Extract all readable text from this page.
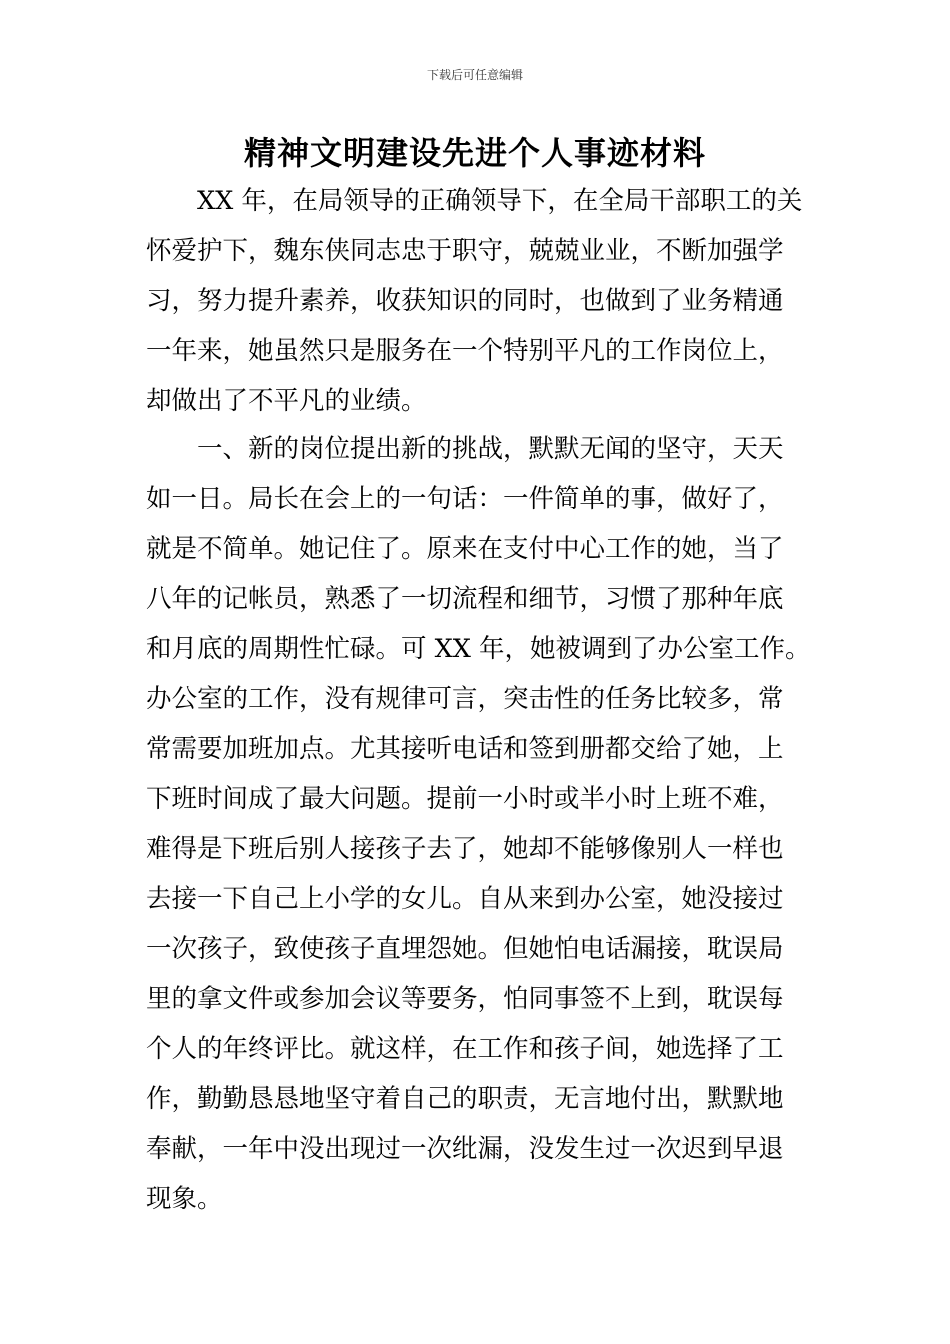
下载后可任意编辑
精神文明建设先进个人事迹材料

　　XX 年，在局领导的正确领导下，在全局干部职工的关
怀爱护下，魏东侠同志忠于职守，兢兢业业，不断加强学
习，努力提升素养，收获知识的同时，也做到了业务精通
一年来，她虽然只是服务在一个特别平凡的工作岗位上，
却做出了不平凡的业绩。

　　一、新的岗位提出新的挑战，默默无闻的坚守，天天
如一日。局长在会上的一句话：一件简单的事，做好了，
就是不简单。她记住了。原来在支付中心工作的她，当了
八年的记帐员，熟悉了一切流程和细节，习惯了那种年底
和月底的周期性忙碌。可 XX 年，她被调到了办公室工作。
办公室的工作，没有规律可言，突击性的任务比较多，常
常需要加班加点。尤其接听电话和签到册都交给了她，上
下班时间成了最大问题。提前一小时或半小时上班不难，
难得是下班后别人接孩子去了，她却不能够像别人一样也
去接一下自己上小学的女儿。自从来到办公室，她没接过
一次孩子，致使孩子直埋怨她。但她怕电话漏接，耽误局
里的拿文件或参加会议等要务，怕同事签不上到，耽误每
个人的年终评比。就这样，在工作和孩子间，她选择了工
作，勤勤恳恳地坚守着自己的职责，无言地付出，默默地
奉献，一年中没出现过一次纰漏，没发生过一次迟到早退
现象。
